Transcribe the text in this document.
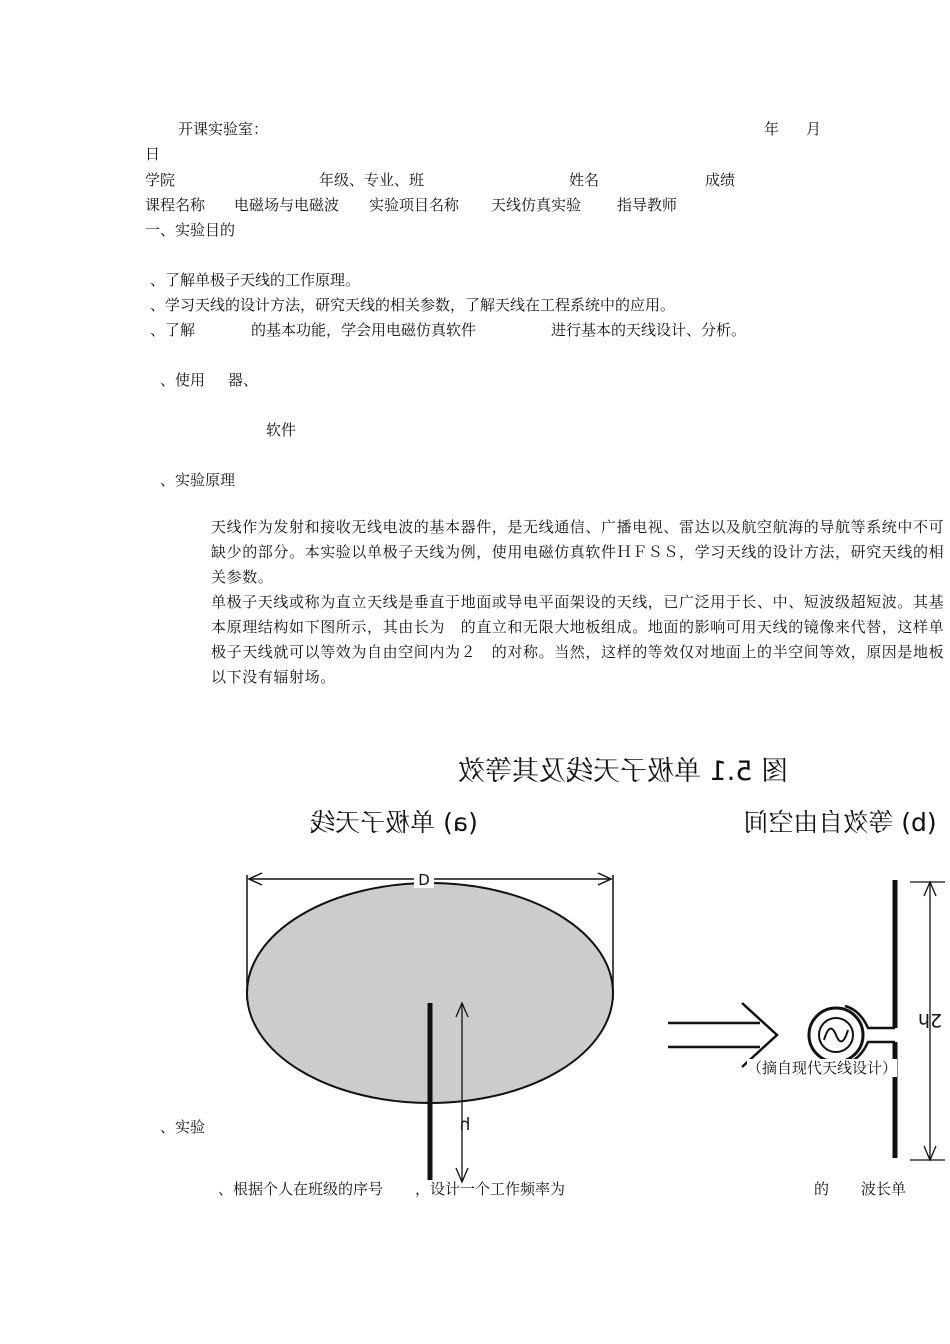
开课实验室：	年 月
日
学院	年级、专业、班	姓名	成绩
课程名称 电磁场与电磁波 实验项目名称 天线仿真实验 指导教师
一、实验目的
、了解单极子天线的工作原理。
、学习天线的设计方法，研究天线的相关参数，了解天线在工程系统中的应用。
、了解	的基本功能，学会用电磁仿真软件	进行基本的天线设计、分析。
、使用 器、
软件
、实验原理
天线作为发射和接收无线电波的基本器件，是无线通信、广播电视、雷达以及航空航海的导航等系统中不可缺少的部分。本实验以单极子天线为例，使用电磁仿真软件ＨＦＳＳ，学习天线的设计方法，研究天线的相关参数。
单极子天线或称为直立天线是垂直于地面或导电平面架设的天线，已广泛用于长、中、短波级超短波。其基本原理结构如下图所示，其由长为　的直立和无限大地板组成。地面的影响可用天线的镜像来代替，这样单极子天线就可以等效为自由空间内为２　的对称。当然，这样的等效仅对地面上的半空间等效，原因是地板以下没有辐射场。
图 5.1 单极子天线及其等效
(a) 单极子天线	(b) 等效自由空间
D
h
2h
（摘自现代天线设计）
、实验
、根据个人在班级的序号 ，设计一个工作频率为	的 波长单
